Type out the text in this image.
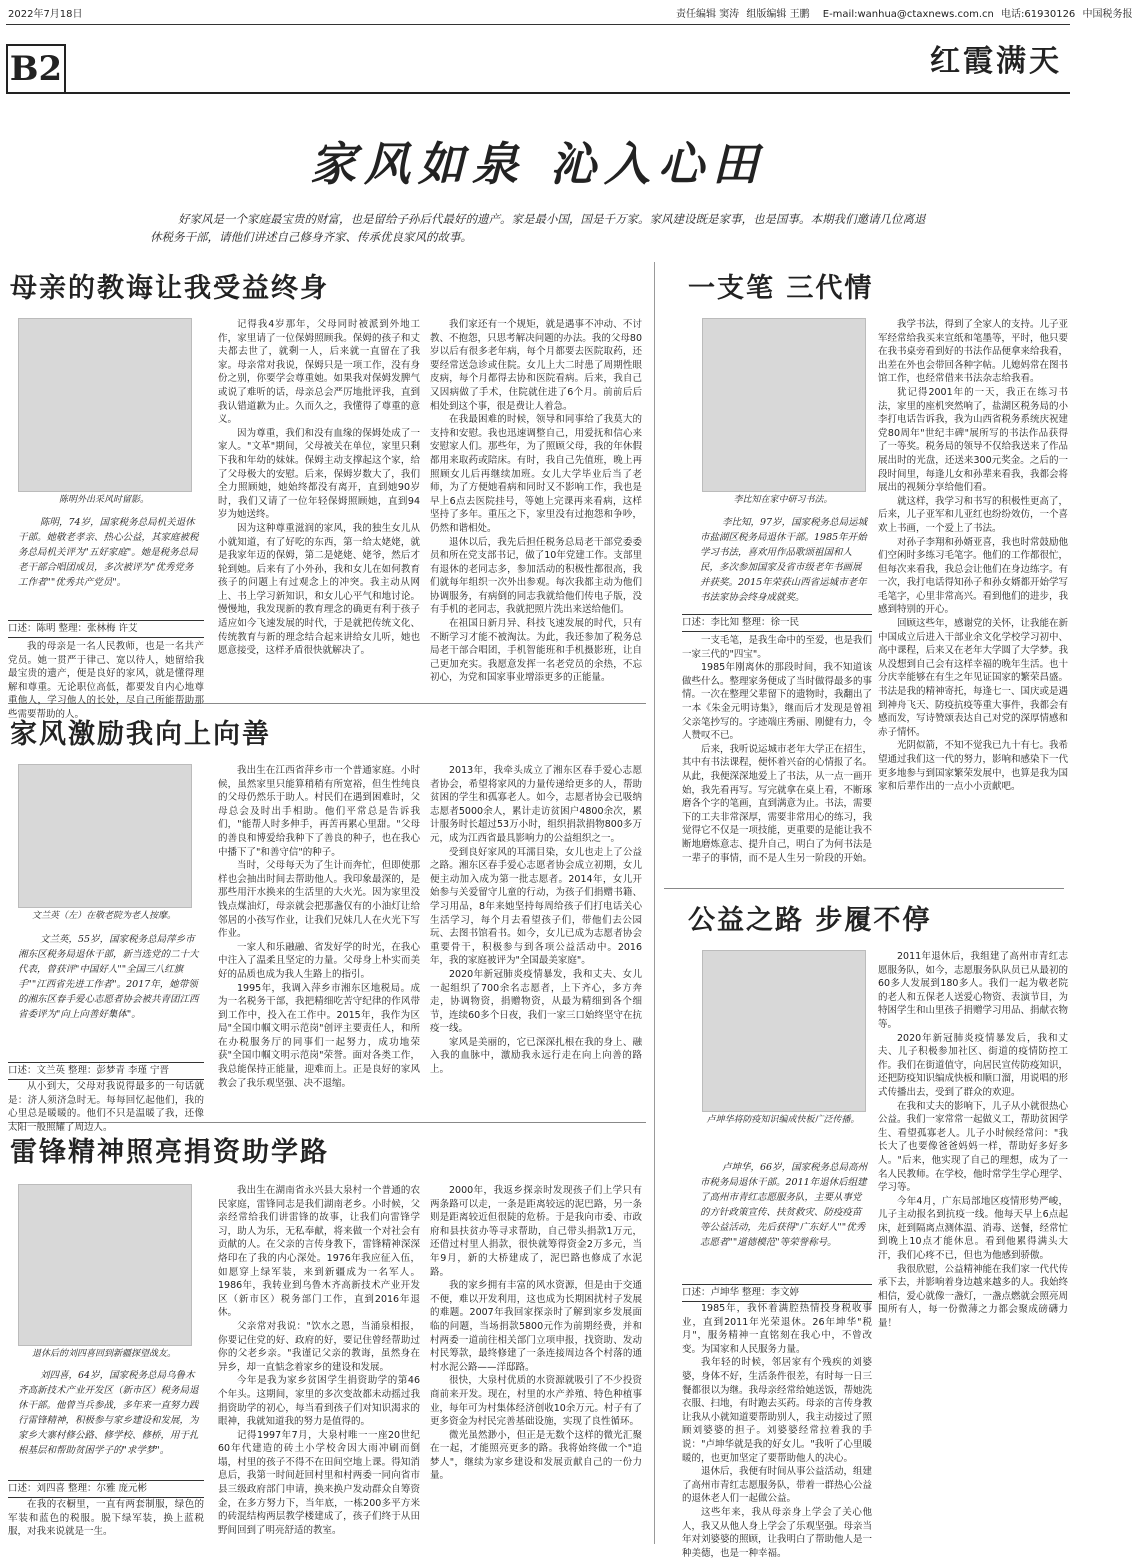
2022年7月18日	责任编辑 窦涛 组版编辑 王鹏 E-mail:wanhua@ctaxnews.com.cn 电话:61930126 中国税务报
B2	红霞满天
家风如泉 沁入心田
好家风是一个家庭最宝贵的财富，也是留给子孙后代最好的遗产。家是最小国，国是千万家。家风建设既是家事，也是国事。本期我们邀请几位离退休税务干部，请他们讲述自己修身齐家、传承优良家风的故事。
母亲的教诲让我受益终身
陈明外出采风时留影。
陈明，74岁，国家税务总局机关退休干部。她敬老孝亲、热心公益，其家庭被税务总局机关评为"五好家庭"。她是税务总局老干部合唱团成员，多次被评为"优秀党务工作者""优秀共产党员"。
口述：陈明 整理：张林梅 许艾

我的母亲是一名人民教师，也是一名共产党员。她一贯严于律己、宽以待人，她留给我最宝贵的遗产，便是良好的家风，就是懂得理解和尊重。无论职位高低，都要发自内心地尊重他人，学习他人的长处，尽自己所能帮助那些需要帮助的人。

记得我4岁那年，父母同时被派到外地工作，家里请了一位保姆照顾我。保姆的孩子和丈夫都去世了，就剩一人，后来就一直留在了我家。母亲常对我说，保姆只是一项工作，没有身份之别，你要学会尊重她。如果我对保姆发脾气或说了难听的话，母亲总会严厉地批评我，直到我认错道歉为止。久而久之，我懂得了尊重的意义。

因为尊重，我们和没有血缘的保姆处成了一家人。"文革"期间，父母被关在单位，家里只剩下我和年幼的妹妹。保姆主动支撑起这个家，给了父母极大的安慰。后来，保姆岁数大了，我们全力照顾她，她始终都没有离开，直到她90岁时，我们又请了一位年轻保姆照顾她，直到94岁为她送终。

因为这种尊重滋润的家风，我的独生女儿从小就知道，有了好吃的东西，第一给太姥姥，就是我家年迈的保姆，第二是姥姥、姥爷，然后才轮到她。后来有了小外孙，我和女儿在如何教育孩子的问题上有过观念上的冲突。我主动从网上、书上学习新知识，和女儿心平气和地讨论。慢慢地，我发现新的教育理念的确更有利于孩子适应如今飞速发展的时代，于是就把传统文化、传统教育与新的理念结合起来讲给女儿听，她也愿意接受，这样矛盾很快就解决了。

我们家还有一个规矩，就是遇事不冲动、不讨教、不抱怨，只思考解决问题的办法。我的父母80岁以后有很多老年病，每个月都要去医院取药，还要经常送急诊或住院。女儿上大二时患了周期性眼皮病，每个月都得去协和医院看病。后来，我自己又因病做了手术，住院就住进了6个月。前前后后相处到这个事，很是费让人着急。

在我最困难的时候，领导和同事给了我莫大的支持和安慰。我也迅速调整自己，用爱抚和信心来安慰家人们。那些年，为了照顾父母，我的年休假都用来取药或陪床。有时，我自己先值班，晚上再照顾女儿后再继续加班。女儿大学毕业后当了老师，为了方便她看病和同时又不影响工作，我也是早上6点去医院挂号，等她上完课再来看病，这样坚持了多年。重压之下，家里没有过抱怨和争吵，仍然和谐相处。

退休以后，我先后担任税务总局老干部党委委员和所在党支部书记，做了10年党建工作。支部里有退休的老同志多，参加活动的积极性都很高，我们就每年组织一次外出参观。每次我都主动为他们协调服务，有病倒的同志我就给他们传电子版，没有手机的老同志，我就把照片洗出来送给他们。

在祖国日新月异、科技飞速发展的时代，只有不断学习才能不被淘汰。为此，我还参加了税务总局老干部合唱团，手机智能班和手机摄影班，让自己更加充实。我愿意发挥一名老党员的余热，不忘初心，为党和国家事业增添更多的正能量。

家风激励我向上向善
文兰英（左）在敬老院为老人按摩。
文兰英，55岁，国家税务总局萍乡市湘东区税务局退休干部，新当选党的二十大代表，曾获评"中国好人""全国三八红旗手""江西省先进工作者"。2017年，她带领的湘东区春手爱心志愿者协会被共青团江西省委评为"向上向善好集体"。
口述：文兰英 整理：彭梦青 李瑾 宁晋

从小到大，父母对我说得最多的一句话就是：济人须济急时无。每每回忆起他们，我的心里总是暖暖的。他们不只是温暖了我，还像太阳一般照耀了周边人。

我出生在江西省萍乡市一个普通家庭。小时候，虽然家里只能算稍稍有所宽裕，但生性纯良的父母仍然乐于助人。村民们在遇到困难时，父母总会及时出手相助。他们平常总是告诉我们，"能帮人时多伸手，再苦再累心里甜。"父母的善良和博爱给我种下了善良的种子，也在我心中播下了"和善守信"的种子。

当时，父母每天为了生计而奔忙，但即使那样也会抽出时间去帮助他人。我印象最深的，是那些用汗水换来的生活里的大火光。因为家里没钱点煤油灯，母亲就会把那盏仅有的小油灯让给邻居的小孩写作业，让我们兄妹几人在火光下写作业。

一家人和乐融融、省发好学的时光，在我心中注入了温柔且坚定的力量。父母身上朴实而美好的品质也成为我人生路上的指引。

1995年，我调入萍乡市湘东区地税局。成为一名税务干部，我把精细吃苦守纪律的作风带到工作中，投入在工作中。2015年，我作为区局"全国巾帼文明示范岗"创评主要责任人，和所在办税服务厅的同事们一起努力，成功地荣获"全国巾帼文明示范岗"荣誉。面对各类工作，我总能保持正能量，迎难而上。正是良好的家风教会了我乐观坚强、决不退缩。

2013年，我牵头成立了湘东区春手爱心志愿者协会，希望将家风的力量传递给更多的人，帮助贫困的学生和孤寡老人。如今，志愿者协会已吸纳志愿者5000余人，累计走访贫困户4800余次，累计服务时长超过53万小时，组织捐款捐物800多万元，成为江西省最具影响力的公益组织之一。

受到良好家风的耳濡目染，女儿也走上了公益之路。湘东区春手爱心志愿者协会成立初期，女儿便主动加入成为第一批志愿者。2014年，女儿开始参与关爱留守儿童的行动，为孩子们捐赠书籍、学习用品，8年来她坚持每周给孩子们打电话关心生活学习，每个月去看望孩子们，带他们去公园玩、去图书馆看书。如今，女儿已成为志愿者协会重要骨干，积极参与到各项公益活动中。2016年，我的家庭被评为"全国最美家庭"。

2020年新冠肺炎疫情暴发，我和丈夫、女儿一起组织了700余名志愿者，上下齐心，多方奔走，协调物资，捐赠物资，从最为精细到各个细节，连续60多个日夜，我们一家三口始终坚守在抗疫一线。

家风是美丽的，它已深深扎根在我的身上、融入我的血脉中，激励我永远行走在向上向善的路上。

雷锋精神照亮捐资助学路
退休后的刘四喜回到新疆探望战友。
刘四喜，64岁，国家税务总局乌鲁木齐高新技术产业开发区（新市区）税务局退休干部。他曾当兵参战，多年来一直努力践行雷锋精神，积极参与家乡建设和发展，为家乡大寨村修公路、修学校、修桥，用于扎根基层和帮助贫困学子的"求学梦"。
口述：刘四喜 整理：尔雅 庞元彬

在我的衣橱里，一直有两套制服，绿色的军装和蓝色的税服。脱下绿军装，换上蓝税服，对我来说就是一生。

我出生在湖南省永兴县大泉村一个普通的农民家庭，雷锋同志是我们湖南老乡。小时候，父亲经常给我们讲雷锋的故事，让我们向雷锋学习，助人为乐，无私奉献，将来做一个对社会有贡献的人。在父亲的言传身教下，雷锋精神深深烙印在了我的内心深处。1976年我应征入伍，如愿穿上绿军装，来到新疆成为一名军人。1986年，我转业到乌鲁木齐高新技术产业开发区（新市区）税务部门工作，直到2016年退休。

父亲常对我说："饮水之恩，当涌泉相报，你要记住党的好、政府的好，要记住曾经帮助过你的父老乡亲。"我谨记父亲的教诲，虽然身在异乡，却一直惦念着家乡的建设和发展。

今年是我为家乡贫困学生捐资助学的第46个年头。这期间，家里的多次变故都未动摇过我捐资助学的初心，每当看到孩子们对知识渴求的眼神，我就知道我的努力是值得的。

记得1997年7月，大泉村唯一一座20世纪60年代建造的砖土小学校舍因大雨冲刷而倒塌，村里的孩子不得不在田间空地上课。得知消息后，我第一时间赶回村里和村两委一同向省市县三级政府部门申请，换来换户发动群众自筹资金，在多方努力下，当年底，一栋200多平方米的砖混结构两层教学楼建成了，孩子们终于从田野间回到了明亮舒适的教室。

2000年，我返乡探亲时发现孩子们上学只有两条路可以走，一条是距离较远的泥巴路，另一条则是距离较近但很陡的危桥。于是我向市委、市政府和县扶贫办等寻求帮助，自己带头捐款1万元，还借过村里人捐款，很快就筹得资金2万多元，当年9月，新的大桥建成了，泥巴路也修成了水泥路。

我的家乡拥有丰富的风水资源，但是由于交通不便，难以开发利用，这也成为长期困扰村子发展的难题。2007年我回家探亲时了解到家乡发展面临的问题，当场捐款5800元作为前期经费，并和村两委一道前往相关部门立项申报，找资助、发动村民筹款，最终修建了一条连接周边各个村落的通村水泥公路——洋邸路。

很快，大泉村优质的水资源就吸引了不少投资商前来开发。现在，村里的水产养殖、特色种植事业，每年可为村集体经济创收10余万元。村子有了更多资金为村民完善基础设施，实现了良性循环。

微光虽然渺小，但正是无数个这样的微光汇聚在一起，才能照亮更多的路。我将始终做一个"追梦人"，继续为家乡建设和发展贡献自己的一份力量。

一支笔 三代情
李比知在家中研习书法。
李比知，97岁，国家税务总局运城市盐湖区税务局退休干部。1985年开始学习书法，喜欢用作品歌颂祖国和人民，多次参加国家及省市级老年书画展并获奖。2015年荣获山西省运城市老年书法家协会终身成就奖。
口述：李比知 整理：徐一民

一支毛笔，是我生命中的至爱，也是我们一家三代的"四宝"。

1985年刚离休的那段时间，我不知道该做些什么。整理家务便成了当时做得最多的事情。一次在整理父辈留下的遗物时，我翻出了一本《朱金元明诗集》，继而后才发现是曾祖父亲笔抄写的。字迹端庄秀丽、刚健有力，令人赞叹不已。

后来，我听说运城市老年大学正在招生，其中有书法课程，便怀着兴奋的心情报了名。从此，我便深深地爱上了书法，从一点一画开始，我先看再写。写完就拿在桌上看，不断琢磨各个字的笔画，直到满意为止。书法，需要下的工夫非常深厚，需要非常用心的练习，我觉得它不仅是一项技能，更重要的是能让我不断地磨炼意志、提升自己，明白了为何书法是一辈子的事情，而不是人生另一阶段的开始。

我学书法，得到了全家人的支持。儿子亚军经常给我买来宣纸和笔墨等，平时，他只要在我书桌旁看到好的书法作品便拿来给我看，出差在外也会带回各种字帖。儿媳妈常在图书馆工作，也经常借来书法杂志给我看。

犹记得2001年的一天，我正在练习书法，家里的座机突然响了，盐湖区税务局的小李打电话告诉我，我为山西省税务系统庆祝建党80周年"世纪丰碑"展所写的书法作品获得了一等奖。税务局的领导不仅给我送来了作品展出时的光盘，还送来300元奖金。之后的一段时间里，每逢儿女和孙辈来看我，我都会将展出的视频分享给他们看。

就这样，我学习和书写的积极性更高了，后来，儿子亚军和儿亚红也纷纷效仿，一个喜欢上书画，一个爱上了书法。

对孙子李翔和孙婿亚喜，我也时常鼓励他们空闲时多练习毛笔字。他们的工作都很忙，但每次来看我，我总会让他们在身边练字。有一次，我打电话得知孙子和孙女婿都开始学写毛笔字，心里非常高兴。看到他们的进步，我感到特别的开心。

回顾这些年，感谢党的关怀，让我能在新中国成立后进入干部业余文化学校学习初中、高中课程，后来又在老年大学圆了大学梦。我从没想到自己会有这样幸福的晚年生活。也十分庆幸能够在有生之年见证国家的繁荣昌盛。书法是我的精神寄托，每逢七一、国庆或是遇到神舟飞天、防疫抗疫等重大事件，我都会有感而发，写诗赞颂表达自己对党的深厚情感和赤子情怀。

光阴似箭，不知不觉我已九十有七。我希望通过我们这一代的努力，影响和感染下一代更多地参与到国家繁荣发展中，也算是我为国家和后辈作出的一点小小贡献吧。

公益之路 步履不停
卢坤华将防疫知识编成快板广泛传播。
卢坤华，66岁，国家税务总局高州市税务局退休干部。2011年退休后组建了高州市青红志愿服务队，主要从事党的方针政策宣传、扶贫救灾、防疫疫苗等公益活动，先后获得"广东好人""优秀志愿者""道德模范"等荣誉称号。
口述：卢坤华 整理：李文婷

1985年，我怀着满腔热情投身税收事业，直到2011年光荣退休。26年坤华"税月"，服务精神一直铭刻在我心中，不曾改变。为国家和人民服务力量。

我年轻的时候，邻居家有个残疾的刘婆婆，身体不好，生活条件很差，有时每一日三餐都很以为继。我母亲经常给她送饭，帮她洗衣服、扫地，有时跑去买药。母亲的言传身教让我从小就知道要帮助别人，我主动接过了照顾刘婆婆的担子。刘婆婆经常拉着我的手说："卢坤华就是我的好女儿。"我听了心里暖暖的，也更加坚定了要帮助他人的决心。

退休后，我便有时间从事公益活动，组建了高州市青红志愿服务队，带着一群热心公益的退休老人们一起做公益。

这些年来，我从母亲身上学会了关心他人，我又从他人身上学会了乐观坚强。母亲当年对刘婆婆的照顾，让我明白了帮助他人是一种美德，也是一种幸福。

2011年退休后，我组建了高州市青红志愿服务队，如今，志愿服务队队员已从最初的60多人发展到180多人。我们一起为敬老院的老人和五保老人送爱心物资、表演节目，为特困学生和山里孩子捐赠学习用品、捐献衣物等。

2020年新冠肺炎疫情暴发后，我和丈夫、儿子积极参加社区、街道的疫情防控工作。我们在街道值守，向居民宣传防疫知识，还把防疫知识编成快板和顺口溜，用说唱的形式传播出去，受到了群众的欢迎。

在我和丈夫的影响下，儿子从小就很热心公益。我们一家常常一起做义工，帮助贫困学生、看望孤寡老人。儿子小时候经常问："我长大了也要像爸爸妈妈一样，帮助好多好多人。"后来，他实现了自己的理想，成为了一名人民教师。在学校，他时常学生学心理学、学习等。

今年4月，广东局部地区疫情形势严峻，儿子主动报名到抗疫一线。他每天早上6点起床，赶到隔离点测体温、消毒、送餐，经常忙到晚上10点才能休息。看到他累得满头大汗，我们心疼不已，但也为他感到骄傲。

我很欣慰，公益精神能在我们家一代代传承下去，并影响着身边越来越多的人。我始终相信，爱心就像一盏灯，一盏点燃就会照亮周围所有人，每一份微薄之力都会聚成磅礴力量！
